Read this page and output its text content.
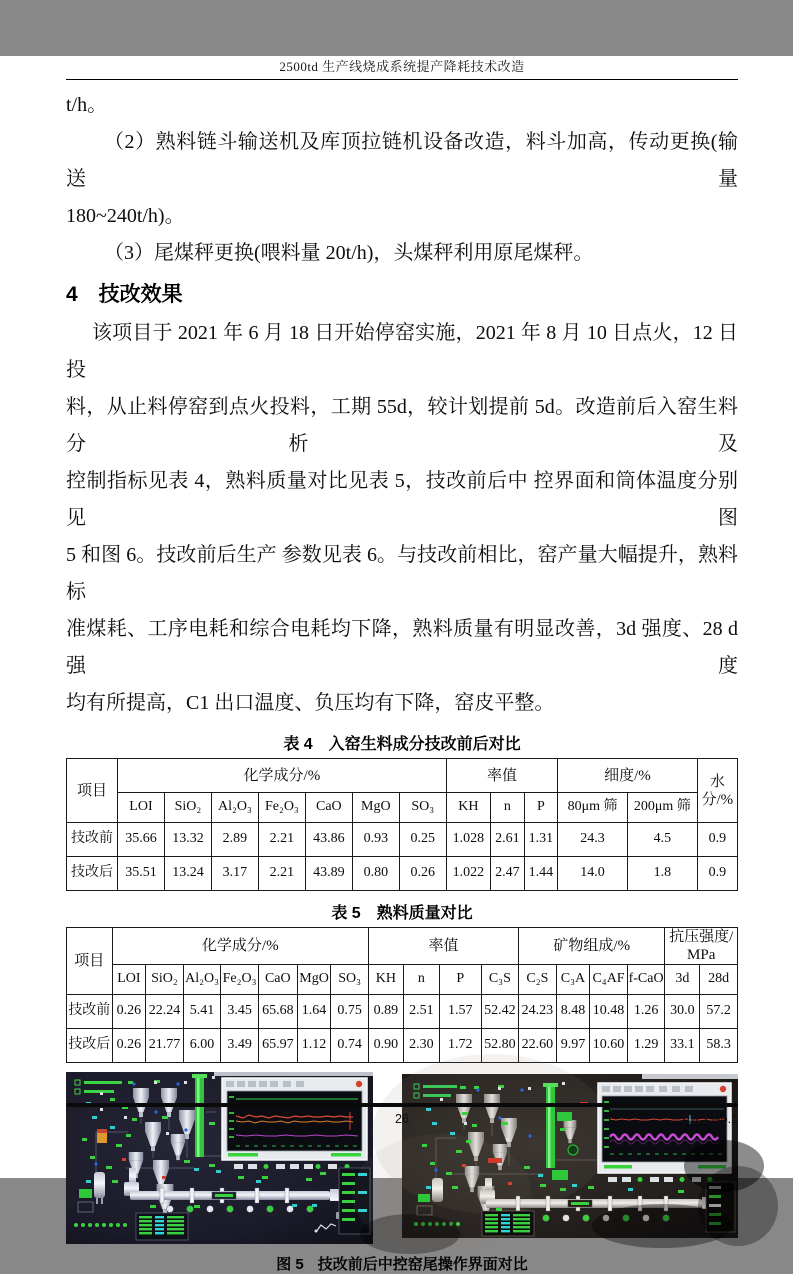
2500td 生产线烧成系统提产降耗技术改造
t/h。
（2）熟料链斗输送机及库顶拉链机设备改造，料斗加高，传动更换(输送量
180~240t/h)。
（3）尾煤秤更换(喂料量 20t/h)，头煤秤利用原尾煤秤。
4　技改效果
该项目于 2021 年 6 月 18 日开始停窑实施，2021 年 8 月 10 日点火，12 日投
料，从止料停窑到点火投料，工期 55d，较计划提前 5d。改造前后入窑生料分析 及
控制指标见表 4，熟料质量对比见表 5，技改前后中 控界面和筒体温度分别见图
5 和图 6。技改前后生产 参数见表 6。与技改前相比，窑产量大幅提升，熟料 标
准煤耗、工序电耗和综合电耗均下降，熟料质量有明显改善，3d 强度、28 d 强度
均有所提高，C1 出口温度、负压均有下降，窑皮平整。
表 4　入窑生料成分技改前后对比
项目	化学成分/%							率值			细度/%		水分/%
	LOI	SiO₂	Al₂O₃	Fe₂O₃	CaO	MgO	SO₃	KH	n	P	80μm 筛	200μm 筛	
技改前	35.66	13.32	2.89	2.21	43.86	0.93	0.25	1.028	2.61	1.31	24.3	4.5	0.9
技改后	35.51	13.24	3.17	2.21	43.89	0.80	0.26	1.022	2.47	1.44	14.0	1.8	0.9
表 5　熟料质量对比
项目	化学成分/%							率值				矿物组成/%				抗压强度/MPa	
	LOI	SiO₂	Al₂O₃	Fe₂O₃	CaO	MgO	SO₃	KH	n	P	C₃S	C₂S	C₃A	C₄AF	f-CaO	3d	28d
技改前	0.26	22.24	5.41	3.45	65.68	1.64	0.75	0.89	2.51	1.57	52.42	24.23	8.48	10.48	1.26	30.0	57.2
技改后	0.26	21.77	6.00	3.49	65.97	1.12	0.74	0.90	2.30	1.72	52.80	22.60	9.97	10.60	1.29	33.1	58.3
图 5 技改前后中控窑尾操作界面对比
26	2023.No.1
